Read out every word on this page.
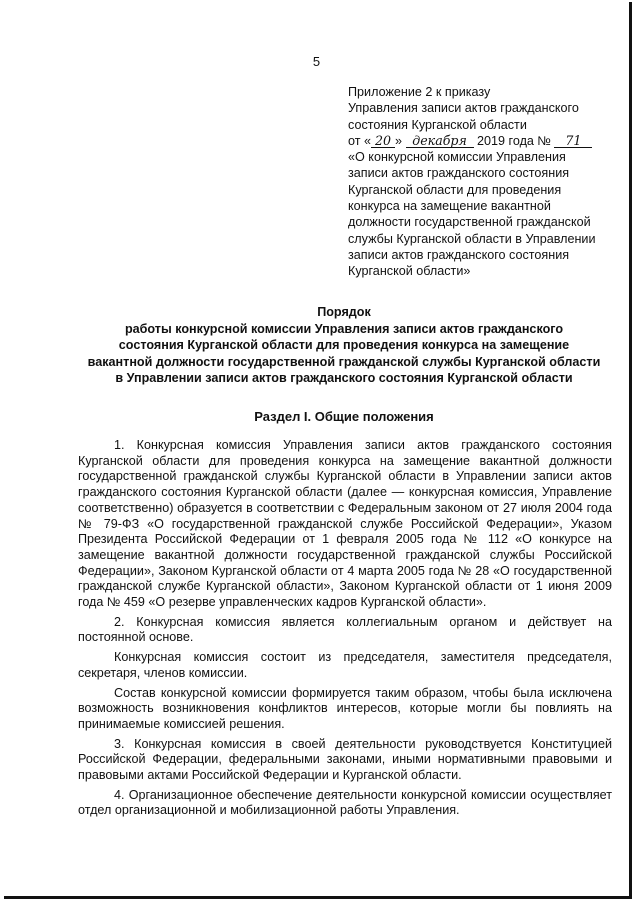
5
Приложение 2 к приказу
Управления записи актов гражданского
состояния Курганской области
от « 20 » декабря 2019 года № 71
«О конкурсной комиссии Управления
записи актов гражданского состояния
Курганской области для проведения
конкурса на замещение вакантной
должности государственной гражданской
службы Курганской области в Управлении
записи актов гражданского состояния
Курганской области»
Порядок
работы конкурсной комиссии Управления записи актов гражданского
состояния Курганской области для проведения конкурса на замещение
вакантной должности государственной гражданской службы Курганской области
в Управлении записи актов гражданского состояния Курганской области
Раздел I. Общие положения

1. Конкурсная комиссия Управления записи актов гражданского состояния Курганской области для проведения конкурса на замещение вакантной должности государственной гражданской службы Курганской области в Управлении записи актов гражданского состояния Курганской области (далее — конкурсная комиссия, Управление соответственно) образуется в соответствии с Федеральным законом от 27 июля 2004 года № 79-ФЗ «О государственной гражданской службе Российской Федерации», Указом Президента Российской Федерации от 1 февраля 2005 года № 112 «О конкурсе на замещение вакантной должности государственной гражданской службы Российской Федерации», Законом Курганской области от 4 марта 2005 года № 28 «О государственной гражданской службе Курганской области», Законом Курганской области от 1 июня 2009 года № 459 «О резерве управленческих кадров Курганской области».

2. Конкурсная комиссия является коллегиальным органом и действует на постоянной основе.

Конкурсная комиссия состоит из председателя, заместителя председателя, секретаря, членов комиссии.

Состав конкурсной комиссии формируется таким образом, чтобы была исключена возможность возникновения конфликтов интересов, которые могли бы повлиять на принимаемые комиссией решения.

3. Конкурсная комиссия в своей деятельности руководствуется Конституцией Российской Федерации, федеральными законами, иными нормативными правовыми и правовыми актами Российской Федерации и Курганской области.

4. Организационное обеспечение деятельности конкурсной комиссии осуществляет отдел организационной и мобилизационной работы Управления.
